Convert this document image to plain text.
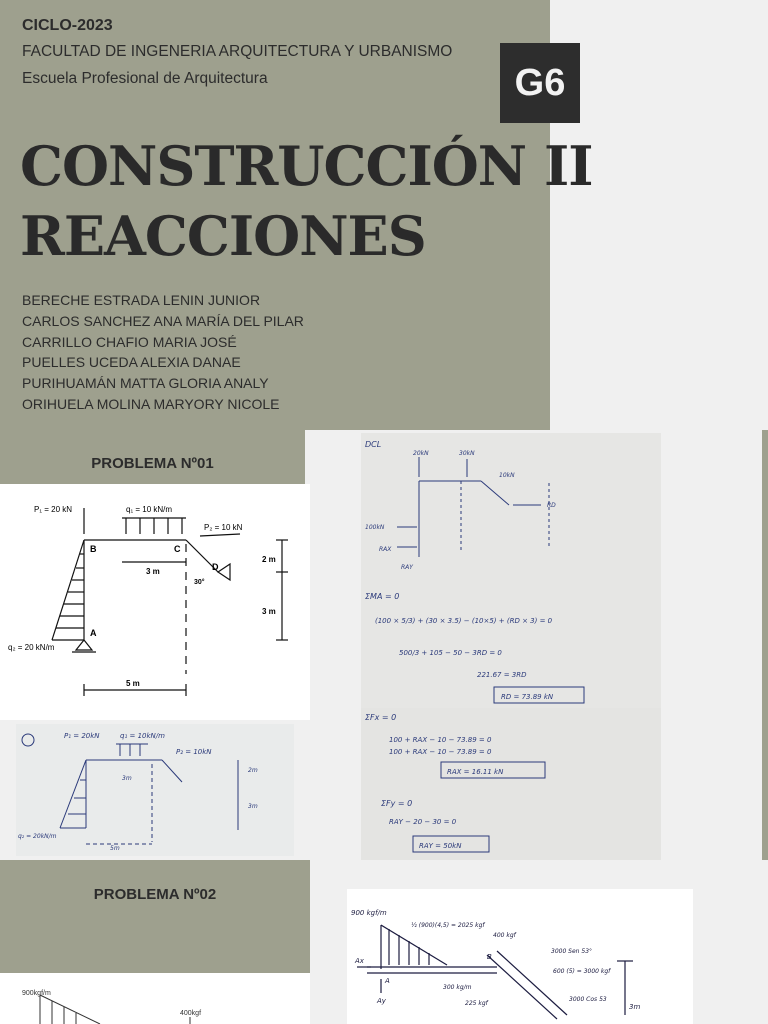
CICLO-2023
FACULTAD DE INGENERIA ARQUITECTURA Y URBANISMO
Escuela Profesional de Arquitectura	G6
CONSTRUCCIÓN II
REACCIONES
BERECHE ESTRADA LENIN JUNIOR
CARLOS SANCHEZ ANA MARÍA DEL PILAR
CARRILLO CHAFIO MARIA JOSÉ
PUELLES UCEDA ALEXIA DANAE
PURIHUAMÁN MATTA GLORIA ANALY
ORIHUELA MOLINA MARYORY NICOLE
PROBLEMA Nº01
PROBLEMA Nº02
P₁ = 20 kN	q₁ = 10 kN/m
P₂ = 10 kN
q₂ = 20 kN/m
B	C
D
A
3 m
5 m
2 m
3 m
30°
P₁ = 20kN	q₁ = 10kN/m
P₂ = 10kN
q₂ = 20kN/m
3m
2m
5m
3m
DCL
20kN	30kN
10kN
100kN
RAX
RAY
RD
ΣMA = 0
(100 × 5/3) + (30 × 3.5) − (10×5) + (RD × 3) = 0
500/3 + 105 − 50 − 3RD = 0
221.67 = 3RD
RD = 73.89 kN
ΣFx = 0
100 + RAX − 10 − 73.89 = 0
100 + RAX − 10 − 73.89 = 0
RAX = 16.11 kN
ΣFy = 0
RAY − 20 − 30 = 0
RAY = 50kN
900 kgf/m
½ (900)(4,5) = 2025 kgf
400 kgf
3000 Sen 53°
600 (5) = 3000 kgf
300 kg/m
3000 Cos 53
225 kgf
Ax
Ay
A
B
3m
900kgf/m
400kgf
